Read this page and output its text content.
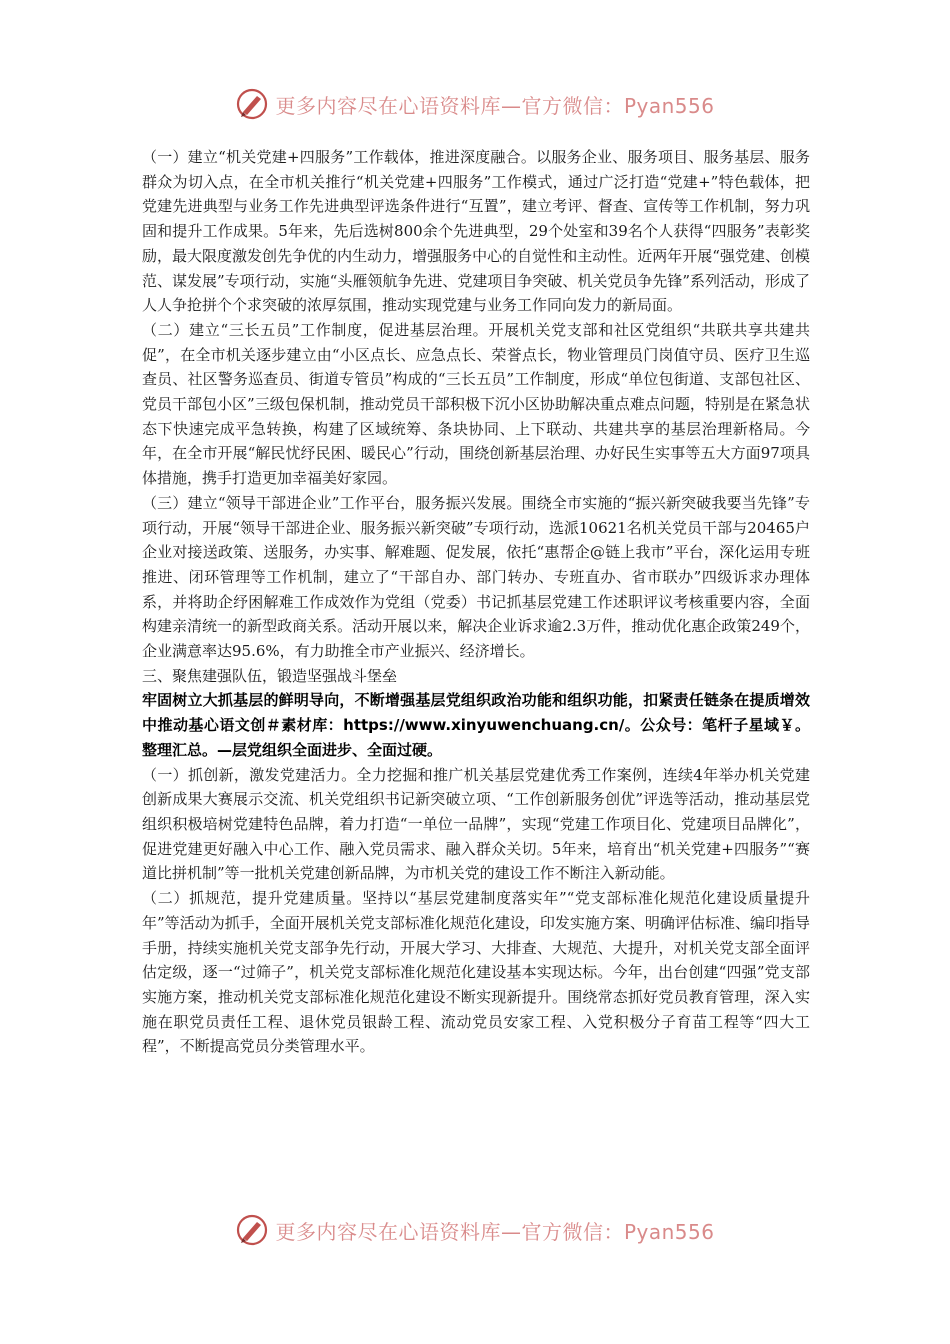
更多内容尽在心语资料库—官方微信：Pyan556

（一）建立“机关党建+四服务”工作载体，推进深度融合。以服务企业、服务项目、服务基层、服务群众为切入点，在全市机关推行“机关党建+四服务”工作模式，通过广泛打造“党建+”特色载体，把党建先进典型与业务工作先进典型评选条件进行“互置”，建立考评、督查、宣传等工作机制，努力巩固和提升工作成果。5年来，先后选树800余个先进典型，29个处室和39名个人获得“四服务”表彰奖励，最大限度激发创先争优的内生动力，增强服务中心的自觉性和主动性。近两年开展“强党建、创模范、谋发展”专项行动，实施“头雁领航争先进、党建项目争突破、机关党员争先锋”系列活动，形成了人人争抢拼个个求突破的浓厚氛围，推动实现党建与业务工作同向发力的新局面。

（二）建立“三长五员”工作制度，促进基层治理。开展机关党支部和社区党组织“共联共享共建共促”，在全市机关逐步建立由“小区点长、应急点长、荣誉点长，物业管理员门岗值守员、医疗卫生巡查员、社区警务巡查员、街道专管员”构成的“三长五员”工作制度，形成“单位包街道、支部包社区、党员干部包小区”三级包保机制，推动党员干部积极下沉小区协助解决重点难点问题，特别是在紧急状态下快速完成平急转换，构建了区域统筹、条块协同、上下联动、共建共享的基层治理新格局。今年，在全市开展“解民忧纾民困、暖民心”行动，围绕创新基层治理、办好民生实事等五大方面97项具体措施，携手打造更加幸福美好家园。

（三）建立“领导干部进企业”工作平台，服务振兴发展。围绕全市实施的“振兴新突破我要当先锋”专项行动，开展“领导干部进企业、服务振兴新突破”专项行动，选派10621名机关党员干部与20465户企业对接送政策、送服务，办实事、解难题、促发展，依托“惠帮企@链上我市”平台，深化运用专班推进、闭环管理等工作机制，建立了“干部自办、部门转办、专班直办、省市联办”四级诉求办理体系，并将助企纾困解难工作成效作为党组（党委）书记抓基层党建工作述职评议考核重要内容，全面构建亲清统一的新型政商关系。活动开展以来，解决企业诉求逾2.3万件，推动优化惠企政策249个，企业满意率达95.6%，有力助推全市产业振兴、经济增长。

三、聚焦建强队伍，锻造坚强战斗堡垒

牢固树立大抓基层的鲜明导向，不断增强基层党组织政治功能和组织功能，扣紧责任链条在提质增效中推动基心语文创＃素材库：https://www.xinyuwenchuang.cn/。公众号：笔杆子星域￥。整理汇总。—层党组织全面进步、全面过硬。

（一）抓创新，激发党建活力。全力挖掘和推广机关基层党建优秀工作案例，连续4年举办机关党建创新成果大赛展示交流、机关党组织书记新突破立项、“工作创新服务创优”评选等活动，推动基层党组织积极培树党建特色品牌，着力打造“一单位一品牌”，实现“党建工作项目化、党建项目品牌化”，促进党建更好融入中心工作、融入党员需求、融入群众关切。5年来，培育出“机关党建+四服务”“赛道比拼机制”等一批机关党建创新品牌，为市机关党的建设工作不断注入新动能。

（二）抓规范，提升党建质量。坚持以“基层党建制度落实年”“党支部标准化规范化建设质量提升年”等活动为抓手，全面开展机关党支部标准化规范化建设，印发实施方案、明确评估标准、编印指导手册，持续实施机关党支部争先行动，开展大学习、大排查、大规范、大提升，对机关党支部全面评估定级，逐一“过筛子”，机关党支部标准化规范化建设基本实现达标。今年，出台创建“四强”党支部实施方案，推动机关党支部标准化规范化建设不断实现新提升。围绕常态抓好党员教育管理，深入实施在职党员责任工程、退休党员银龄工程、流动党员安家工程、入党积极分子育苗工程等“四大工程”，不断提高党员分类管理水平。

更多内容尽在心语资料库—官方微信：Pyan556
